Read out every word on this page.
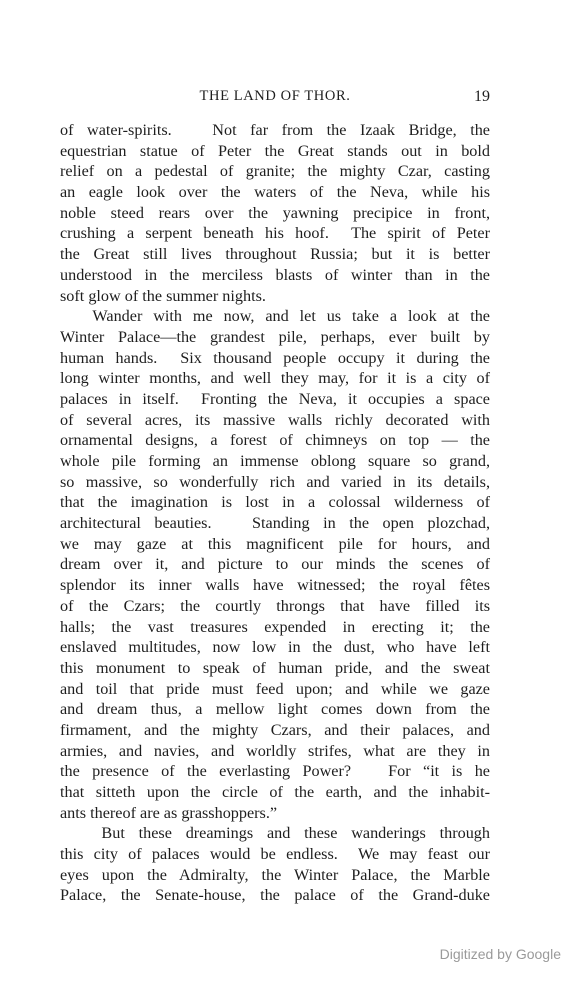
THE LAND OF THOR.	19
of water-spirits.   Not far from the Izaak Bridge, the
equestrian statue of Peter the Great stands out in bold
relief on a pedestal of granite; the mighty Czar, casting
an eagle look over the waters of the Neva, while his
noble steed rears over the yawning precipice in front,
crushing a serpent beneath his hoof.  The spirit of Peter
the Great still lives throughout Russia; but it is better
understood in the merciless blasts of winter than in the
soft glow of the summer nights.
Wander with me now, and let us take a look at the
Winter Palace—the grandest pile, perhaps, ever built by
human hands.  Six thousand people occupy it during the
long winter months, and well they may, for it is a city of
palaces in itself.  Fronting the Neva, it occupies a space
of several acres, its massive walls richly decorated with
ornamental designs, a forest of chimneys on top — the
whole pile forming an immense oblong square so grand,
so massive, so wonderfully rich and varied in its details,
that the imagination is lost in a colossal wilderness of
architectural beauties.   Standing in the open plozchad,
we may gaze at this magnificent pile for hours, and
dream over it, and picture to our minds the scenes of
splendor its inner walls have witnessed; the royal fêtes
of the Czars; the courtly throngs that have filled its
halls; the vast treasures expended in erecting it; the
enslaved multitudes, now low in the dust, who have left
this monument to speak of human pride, and the sweat
and toil that pride must feed upon; and while we gaze
and dream thus, a mellow light comes down from the
firmament, and the mighty Czars, and their palaces, and
armies, and navies, and worldly strifes, what are they in
the presence of the everlasting Power?   For “it is he
that sitteth upon the circle of the earth, and the inhabit-
ants thereof are as grasshoppers.”
But these dreamings and these wanderings through
this city of palaces would be endless.  We may feast our
eyes upon the Admiralty, the Winter Palace, the Marble
Palace, the Senate-house, the palace of the Grand-duke
Digitized by Google
